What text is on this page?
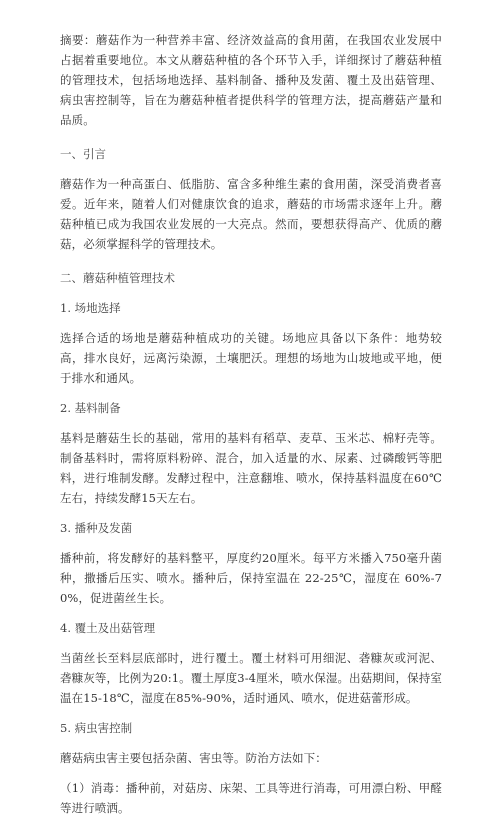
摘要：蘑菇作为一种营养丰富、经济效益高的食用菌，在我国农业发展中占据着重要地位。本文从蘑菇种植的各个环节入手，详细探讨了蘑菇种植的管理技术，包括场地选择、基料制备、播种及发菌、覆土及出菇管理、病虫害控制等，旨在为蘑菇种植者提供科学的管理方法，提高蘑菇产量和品质。

一、引言

蘑菇作为一种高蛋白、低脂肪、富含多种维生素的食用菌，深受消费者喜爱。近年来，随着人们对健康饮食的追求，蘑菇的市场需求逐年上升。蘑菇种植已成为我国农业发展的一大亮点。然而，要想获得高产、优质的蘑菇，必须掌握科学的管理技术。

二、蘑菇种植管理技术

1. 场地选择

选择合适的场地是蘑菇种植成功的关键。场地应具备以下条件：地势较高，排水良好，远离污染源，土壤肥沃。理想的场地为山坡地或平地，便于排水和通风。

2. 基料制备

基料是蘑菇生长的基础，常用的基料有稻草、麦草、玉米芯、棉籽壳等。制备基料时，需将原料粉碎、混合，加入适量的水、尿素、过磷酸钙等肥料，进行堆制发酵。发酵过程中，注意翻堆、喷水，保持基料温度在60℃左右，持续发酵15天左右。

3. 播种及发菌

播种前，将发酵好的基料整平，厚度约20厘米。每平方米播入750毫升菌种，撒播后压实、喷水。播种后，保持室温在 22-25℃，湿度在 60%-70%，促进菌丝生长。

4. 覆土及出菇管理

当菌丝长至料层底部时，进行覆土。覆土材料可用细泥、砻糠灰或河泥、砻糠灰等，比例为20:1。覆土厚度3-4厘米，喷水保湿。出菇期间，保持室温在15-18℃，湿度在85%-90%，适时通风、喷水，促进菇蕾形成。

5. 病虫害控制

蘑菇病虫害主要包括杂菌、害虫等。防治方法如下：

（1）消毒：播种前，对菇房、床架、工具等进行消毒，可用漂白粉、甲醛等进行喷洒。
